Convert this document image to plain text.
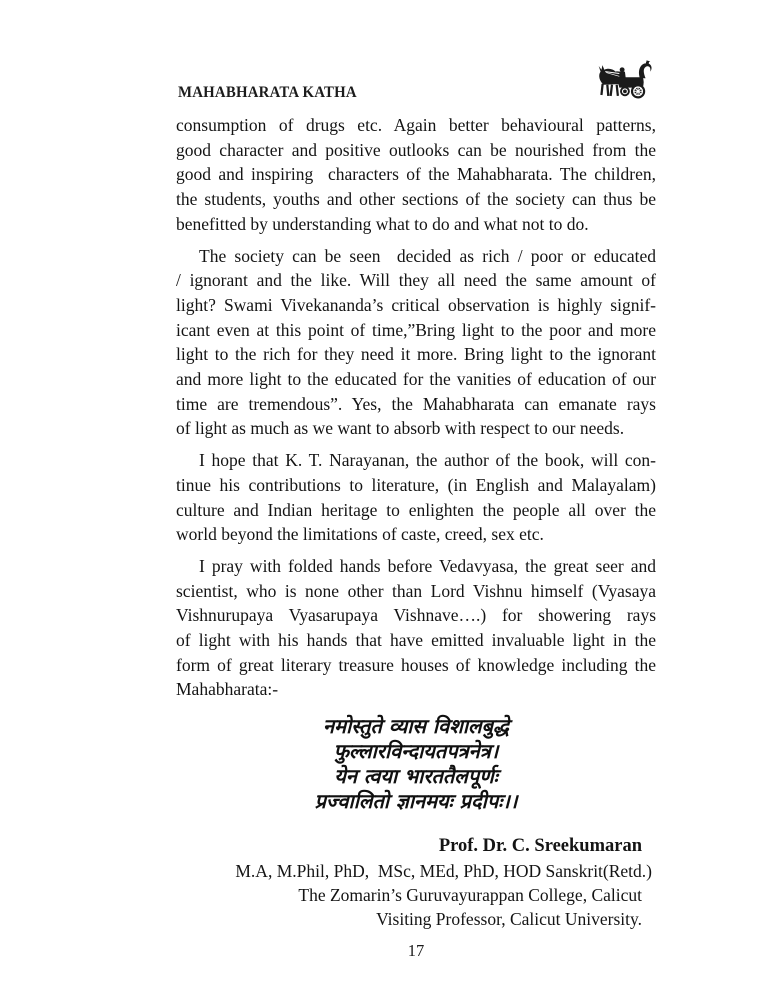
MAHABHARATA KATHA
consumption of drugs etc. Again better behavioural patterns,
good character and positive outlooks can be nourished from the
good and inspiring  characters of the Mahabharata. The children,
the students, youths and other sections of the society can thus be
benefitted by understanding what to do and what not to do.
The society can be seen  decided as rich / poor or educated
/ ignorant and the like. Will they all need the same amount of
light? Swami Vivekananda’s critical observation is highly signif-
icant even at this point of time,”Bring light to the poor and more
light to the rich for they need it more. Bring light to the ignorant
and more light to the educated for the vanities of education of our
time are tremendous”. Yes, the Mahabharata can emanate rays
of light as much as we want to absorb with respect to our needs.
I hope that K. T. Narayanan, the author of the book, will con-
tinue his contributions to literature, (in English and Malayalam)
culture and Indian heritage to enlighten the people all over the
world beyond the limitations of caste, creed, sex etc.
I pray with folded hands before Vedavyasa, the great seer and
scientist, who is none other than Lord Vishnu himself (Vyasaya
Vishnurupaya Vyasarupaya Vishnave….) for showering rays
of light with his hands that have emitted invaluable light in the
form of great literary treasure houses of knowledge including the
Mahabharata:-
नमोस्तुते व्यास विशालबुद्धे
फुल्लारविन्दायतपत्रनेत्र।
येन त्वया भारततैलपूर्णः
प्रज्वालितो ज्ञानमयः प्रदीपः।।
Prof. Dr. C. Sreekumaran
M.A, M.Phil, PhD,  MSc, MEd, PhD, HOD Sanskrit(Retd.)
The Zomarin’s Guruvayurappan College, Calicut
Visiting Professor, Calicut University.
17
